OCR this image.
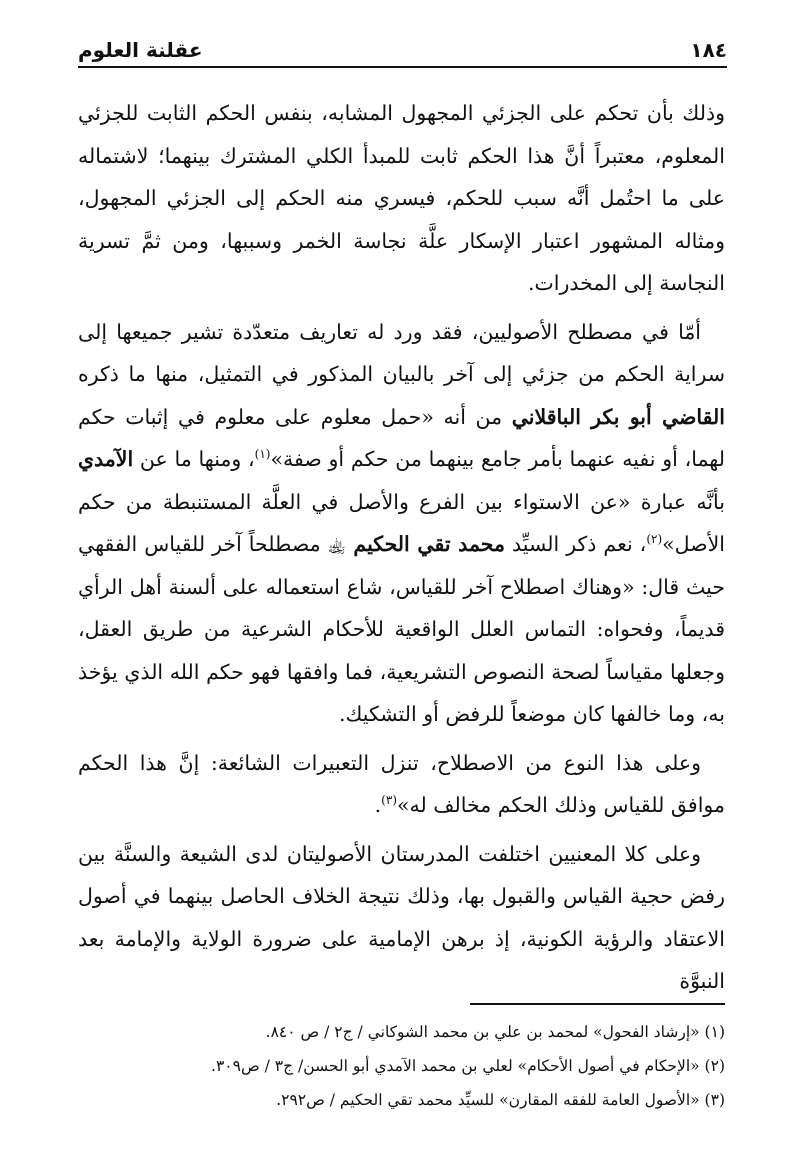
١٨٤
عقلنة العلوم

وذلك بأن تحكم على الجزئي المجهول المشابه، بنفس الحكم الثابت للجزئي المعلوم، معتبراً أنَّ هذا الحكم ثابت للمبدأ الكلي المشترك بينهما؛ لاشتماله على ما احتُمل أنَّه سبب للحكم، فيسري منه الحكم إلى الجزئي المجهول، ومثاله المشهور اعتبار الإسكار علَّة نجاسة الخمر وسببها، ومن ثمَّ تسرية النجاسة إلى المخدرات.

أمّا في مصطلح الأصوليين، فقد ورد له تعاريف متعدّدة تشير جميعها إلى سراية الحكم من جزئي إلى آخر بالبيان المذكور في التمثيل، منها ما ذكره القاضي أبو بكر الباقلاني من أنه «حمل معلوم على معلوم في إثبات حكم لهما، أو نفيه عنهما بأمر جامع بينهما من حكم أو صفة»$^{(١)}$، ومنها ما عن الآمدي بأنَّه عبارة «عن الاستواء بين الفرع والأصل في العلَّة المستنبطة من حكم الأصل»$^{(٢)}$، نعم ذكر السيِّد محمد تقي الحكيم ﵀ مصطلحاً آخر للقياس الفقهي حيث قال: «وهناك اصطلاح آخر للقياس، شاع استعماله على ألسنة أهل الرأي قديماً، وفحواه: التماس العلل الواقعية للأحكام الشرعية من طريق العقل، وجعلها مقياساً لصحة النصوص التشريعية، فما وافقها فهو حكم الله الذي يؤخذ به، وما خالفها كان موضعاً للرفض أو التشكيك.

وعلى هذا النوع من الاصطلاح، تنزل التعبيرات الشائعة: إنَّ هذا الحكم موافق للقياس وذلك الحكم مخالف له»$^{(٣)}$.

وعلى كلا المعنيين اختلفت المدرستان الأصوليتان لدى الشيعة والسنَّة بين رفض حجية القياس والقبول بها، وذلك نتيجة الخلاف الحاصل بينهما في أصول الاعتقاد والرؤية الكونية، إذ برهن الإمامية على ضرورة الولاية والإمامة بعد النبوَّة

(١) «إرشاد الفحول» لمحمد بن علي بن محمد الشوكاني / ج٢ / ص ٨٤٠.
(٢) «الإحكام في أصول الأحكام» لعلي بن محمد الآمدي أبو الحسن/ ج٣ / ص٣٠٩.
(٣) «الأصول العامة للفقه المقارن» للسيِّد محمد تقي الحكيم / ص٢٩٢.
